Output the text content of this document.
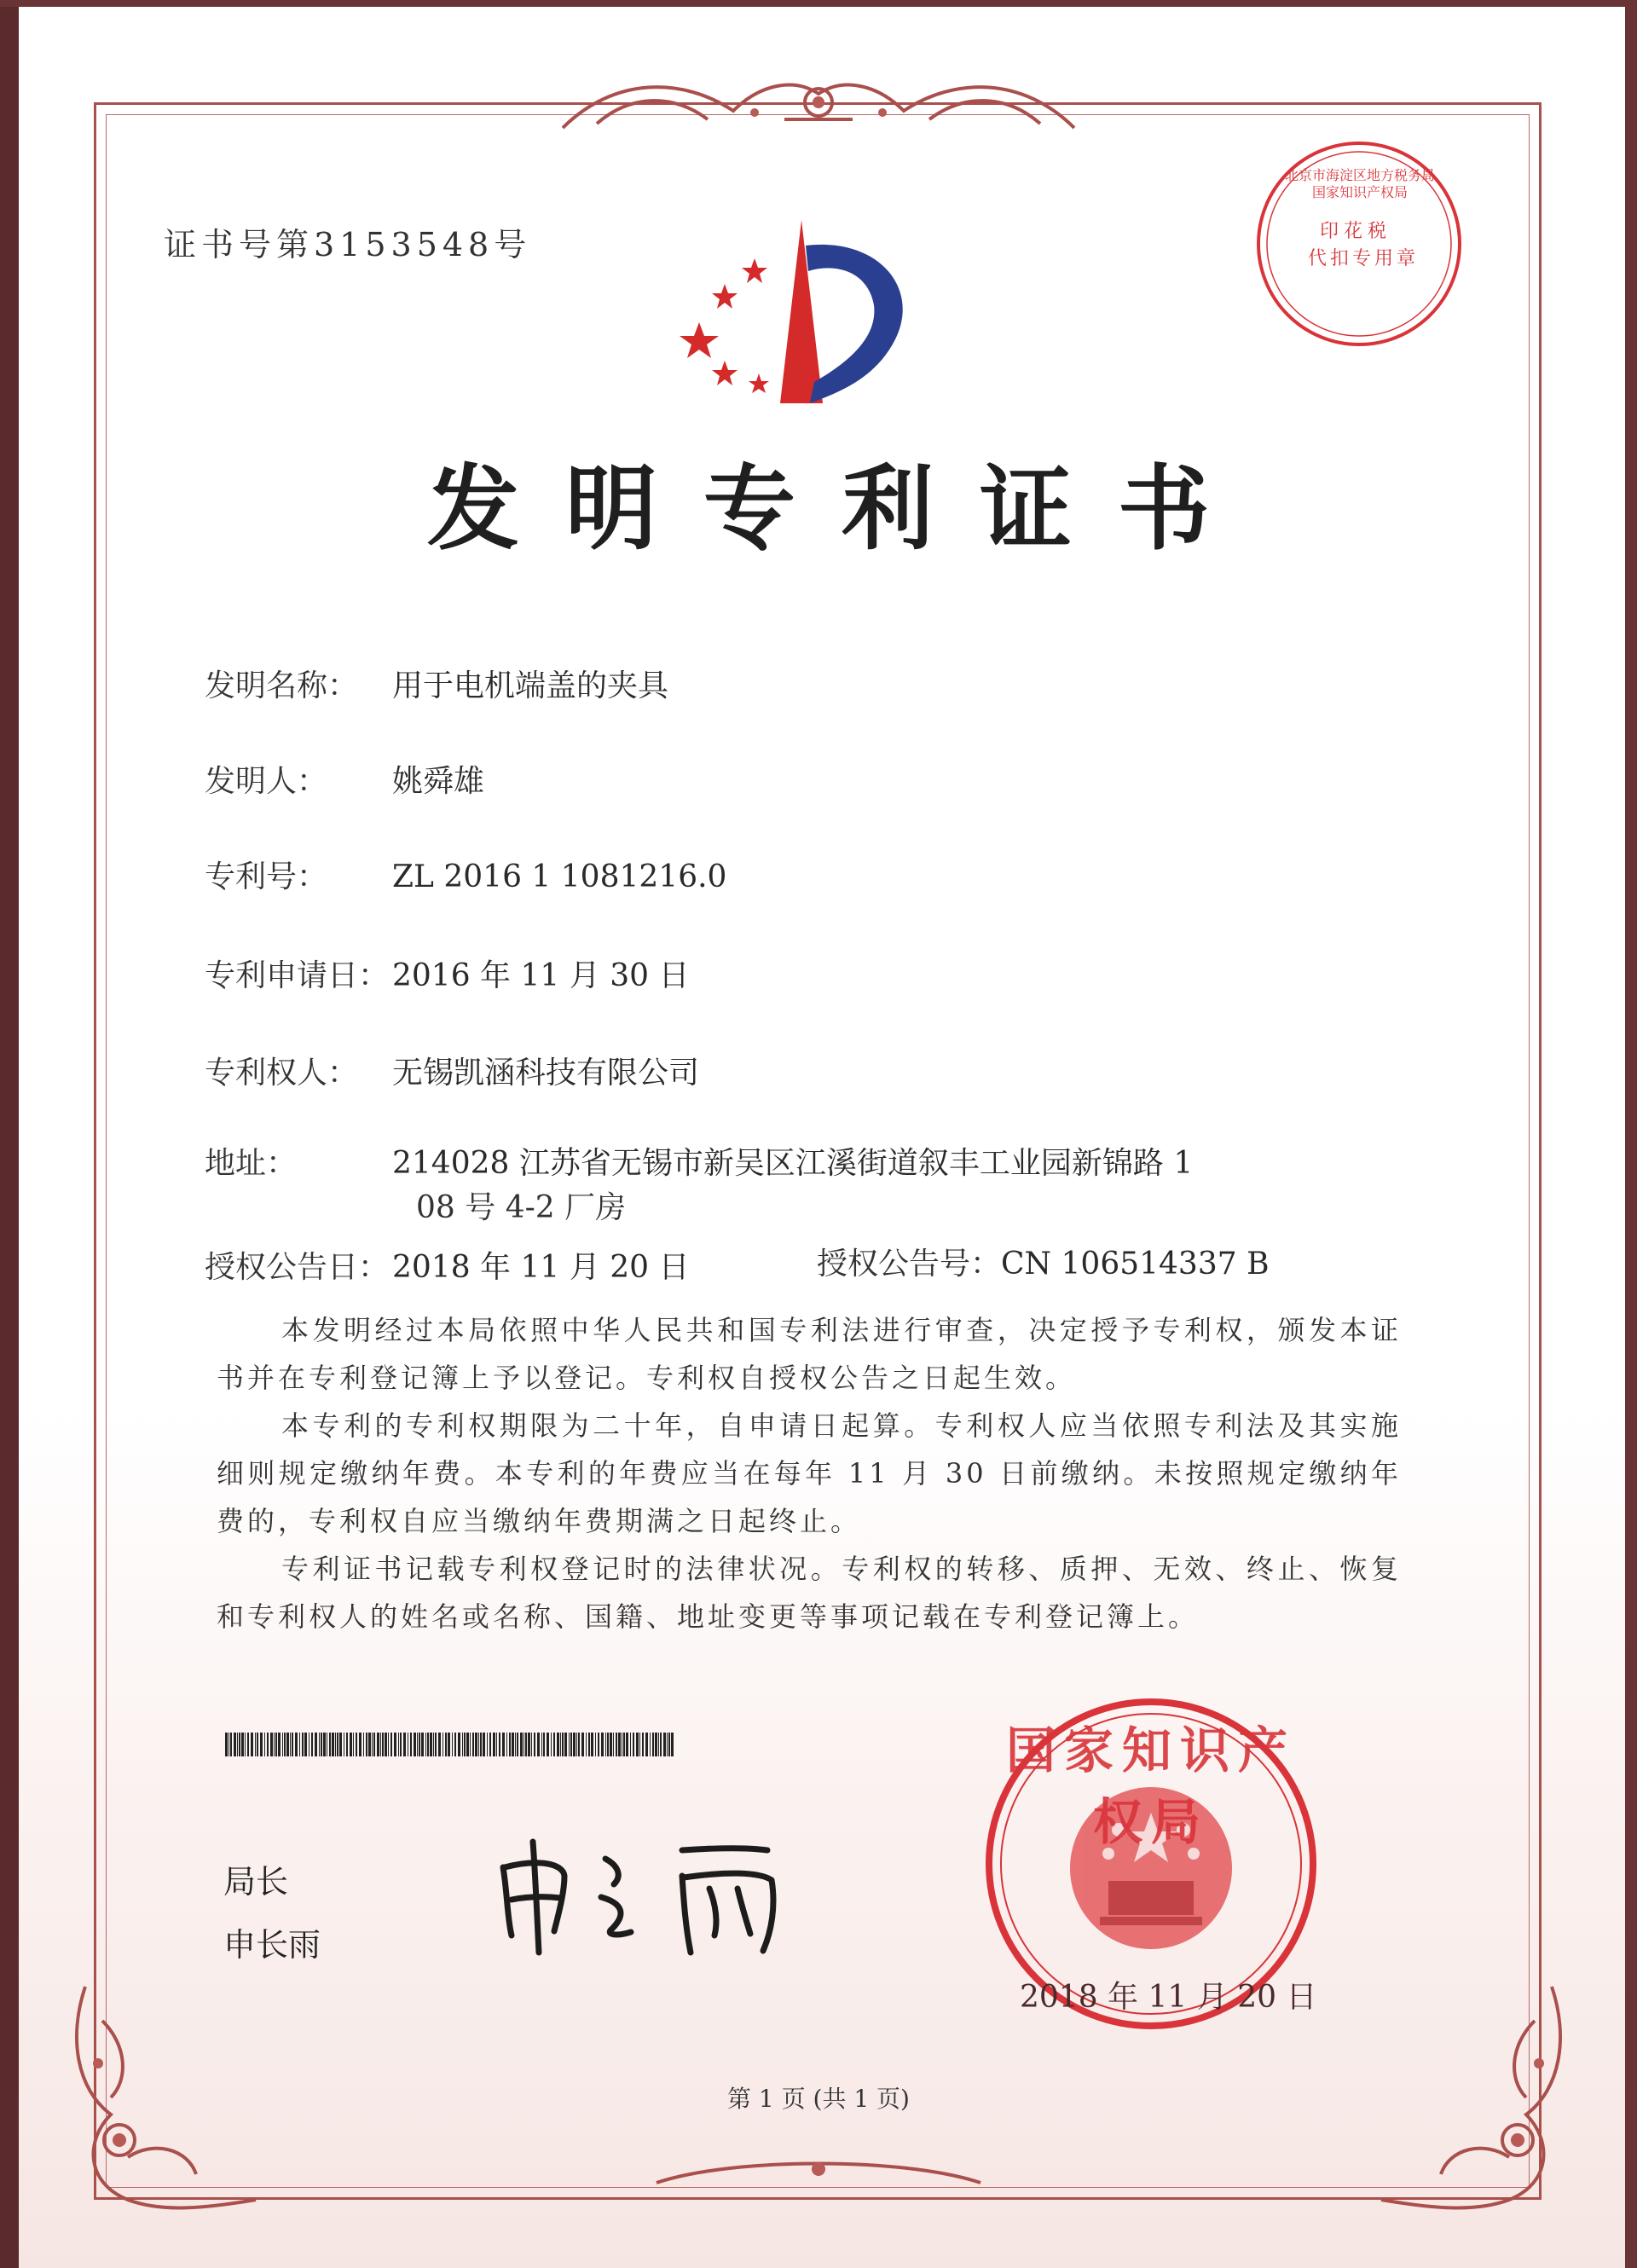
证书号第3153548号	印花税
代扣专用章
北京市海淀区地方税务局 国家知识产权局
发明专利证书
发明名称： 用于电机端盖的夹具
发明人： 姚舜雄
专利号： ZL 2016 1 1081216.0
专利申请日： 2016 年 11 月 30 日
专利权人： 无锡凯涵科技有限公司
地址：	214028 江苏省无锡市新吴区江溪街道叙丰工业园新锦路 1
08 号 4-2 厂房
授权公告日： 2018 年 11 月 20 日	授权公告号：CN 106514337 B
本发明经过本局依照中华人民共和国专利法进行审查，决定授予专利权，颁发本证书并在专利登记簿上予以登记。专利权自授权公告之日起生效。
本专利的专利权期限为二十年，自申请日起算。专利权人应当依照专利法及其实施细则规定缴纳年费。本专利的年费应当在每年 11 月 30 日前缴纳。未按照规定缴纳年费的，专利权自应当缴纳年费期满之日起终止。
专利证书记载专利权登记时的法律状况。专利权的转移、质押、无效、终止、恢复和专利权人的姓名或名称、国籍、地址变更等事项记载在专利登记簿上。
局长
申长雨
国家知识产权局
2018 年 11 月 20 日
第 1 页 (共 1 页)
